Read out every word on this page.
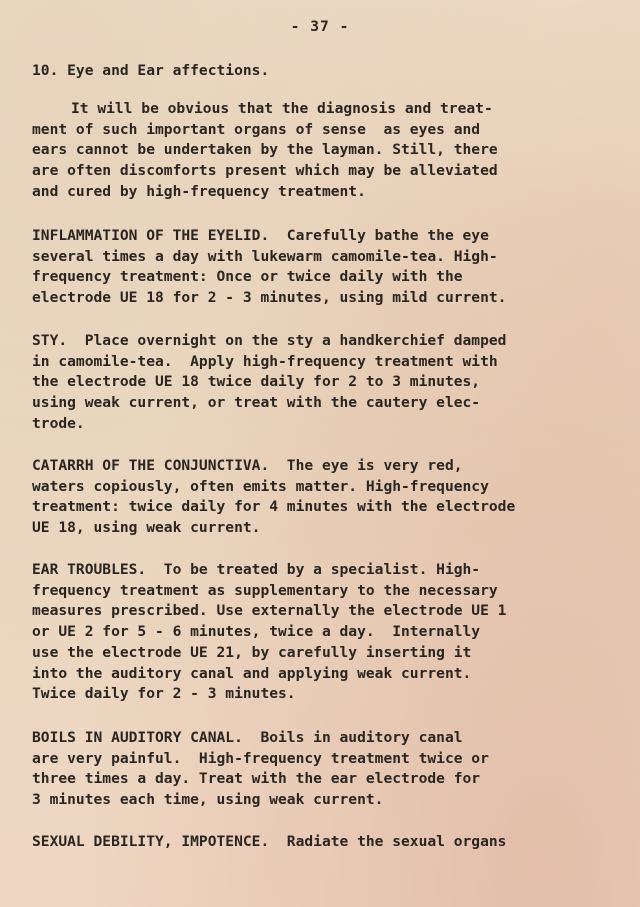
- 37 -
10. Eye and Ear affections.
It will be obvious that the diagnosis and treat-
ment of such important organs of sense  as eyes and
ears cannot be undertaken by the layman. Still, there
are often discomforts present which may be alleviated
and cured by high-frequency treatment.
INFLAMMATION OF THE EYELID.  Carefully bathe the eye
several times a day with lukewarm camomile-tea. High-
frequency treatment: Once or twice daily with the
electrode UE 18 for 2 - 3 minutes, using mild current.
STY.  Place overnight on the sty a handkerchief damped
in camomile-tea.  Apply high-frequency treatment with
the electrode UE 18 twice daily for 2 to 3 minutes,
using weak current, or treat with the cautery elec-
trode.
CATARRH OF THE CONJUNCTIVA.  The eye is very red,
waters copiously, often emits matter. High-frequency
treatment: twice daily for 4 minutes with the electrode
UE 18, using weak current.
EAR TROUBLES.  To be treated by a specialist. High-
frequency treatment as supplementary to the necessary
measures prescribed. Use externally the electrode UE 1
or UE 2 for 5 - 6 minutes, twice a day.  Internally
use the electrode UE 21, by carefully inserting it
into the auditory canal and applying weak current.
Twice daily for 2 - 3 minutes.
BOILS IN AUDITORY CANAL.  Boils in auditory canal
are very painful.  High-frequency treatment twice or
three times a day. Treat with the ear electrode for
3 minutes each time, using weak current.
SEXUAL DEBILITY, IMPOTENCE.  Radiate the sexual organs
